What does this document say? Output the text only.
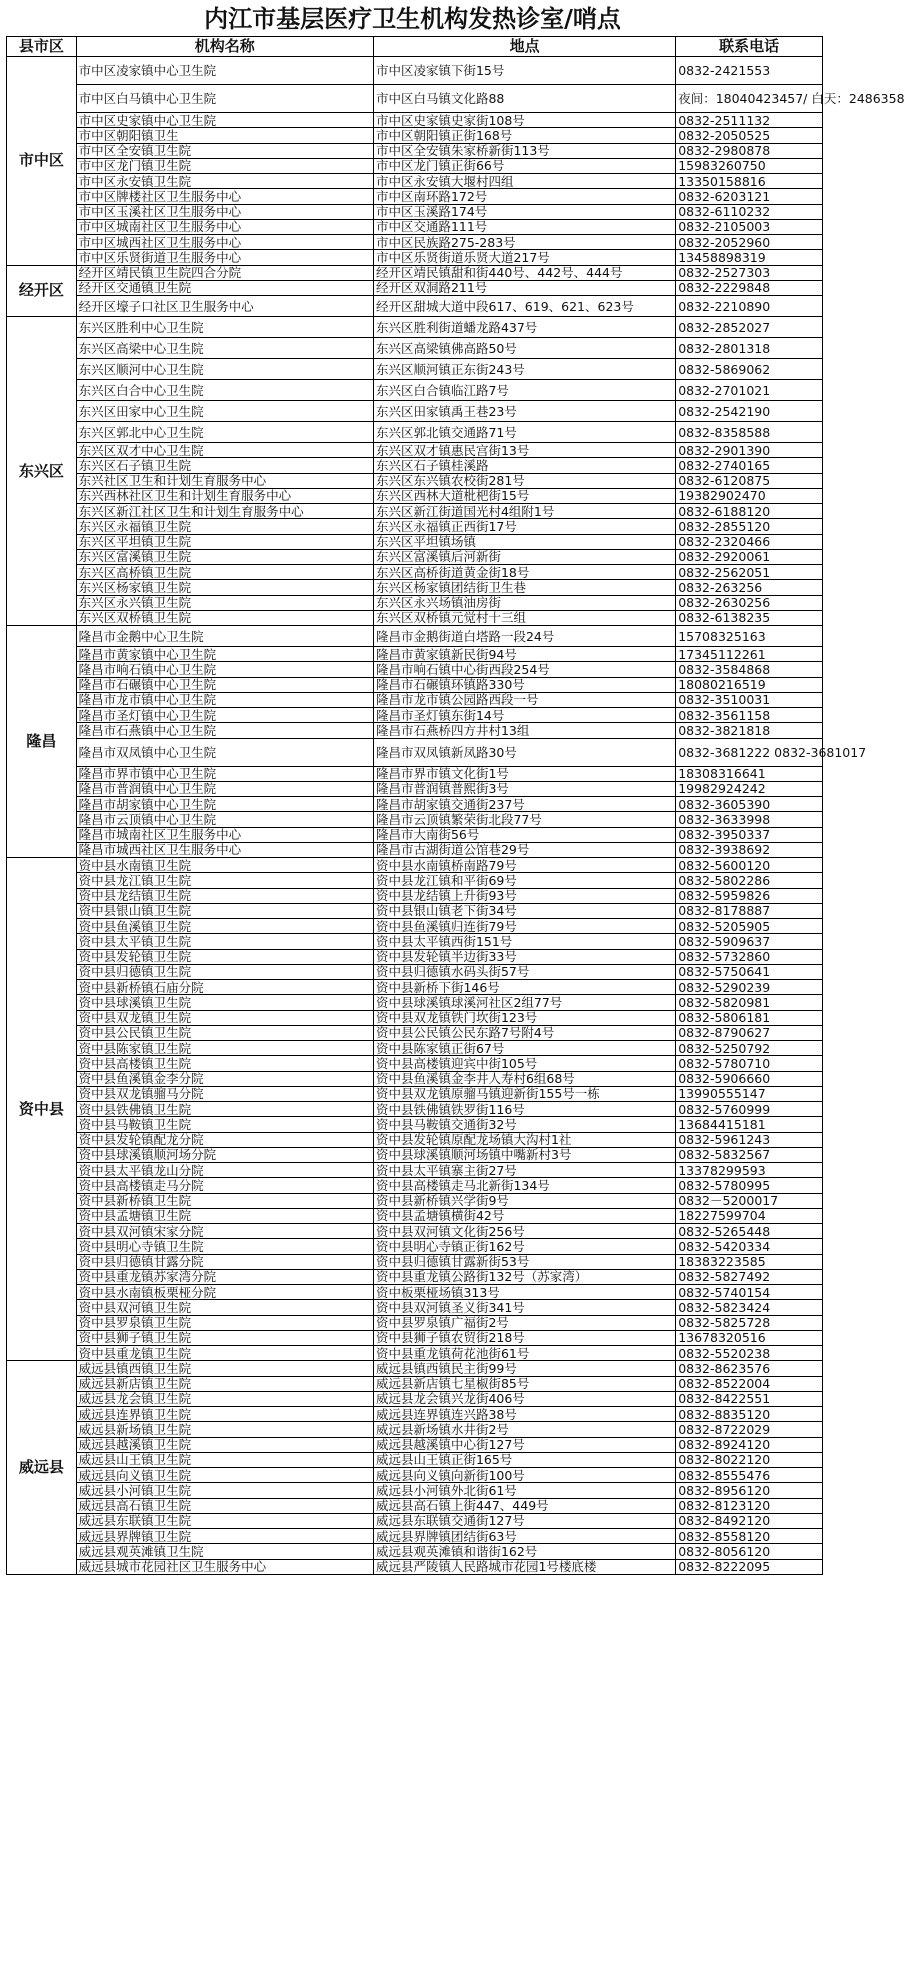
内江市基层医疗卫生机构发热诊室/哨点
县市区	机构名称	地点	联系电话
市中区	市中区凌家镇中心卫生院	市中区凌家镇下街15号	0832-2421553
	市中区白马镇中心卫生院	市中区白马镇文化路88	夜间：18040423457/ 白天：2486358
	市中区史家镇中心卫生院	市中区史家镇史家街108号	0832-2511132
	市中区朝阳镇卫生	市中区朝阳镇正街168号	0832-2050525
	市中区全安镇卫生院	市中区全安镇朱家桥新街113号	0832-2980878
	市中区龙门镇卫生院	市中区龙门镇正街66号	15983260750
	市中区永安镇卫生院	市中区永安镇大堰村四组	13350158816
	市中区牌楼社区卫生服务中心	市中区南环路172号	0832-6203121
	市中区玉溪社区卫生服务中心	市中区玉溪路174号	0832-6110232
	市中区城南社区卫生服务中心	市中区交通路111号	0832-2105003
	市中区城西社区卫生服务中心	市中区民族路275-283号	0832-2052960
	市中区乐贤街道卫生服务中心	市中区乐贤街道乐贤大道217号	13458898319
经开区	经开区靖民镇卫生院四合分院	经开区靖民镇甜和街440号、442号、444号	0832-2527303
	经开区交通镇卫生院	经开区双洞路211号	0832-2229848
	经开区壕子口社区卫生服务中心	经开区甜城大道中段617、619、621、623号	0832-2210890
东兴区	东兴区胜利中心卫生院	东兴区胜利街道蟠龙路437号	0832-2852027
	东兴区高梁中心卫生院	东兴区高梁镇佛高路50号	0832-2801318
	东兴区顺河中心卫生院	东兴区顺河镇正东街243号	0832-5869062
	东兴区白合中心卫生院	东兴区白合镇临江路7号	0832-2701021
	东兴区田家中心卫生院	东兴区田家镇禹王巷23号	0832-2542190
	东兴区郭北中心卫生院	东兴区郭北镇交通路71号	0832-8358588
	东兴区双才中心卫生院	东兴区双才镇惠民宫街13号	0832-2901390
	东兴区石子镇卫生院	东兴区石子镇桂溪路	0832-2740165
	东兴社区卫生和计划生育服务中心	东兴区东兴镇农校街281号	0832-6120875
	东兴西林社区卫生和计划生育服务中心	东兴区西林大道枇杷街15号	19382902470
	东兴区新江社区卫生和计划生育服务中心	东兴区新江街道国光村4组附1号	0832-6188120
	东兴区永福镇卫生院	东兴区永福镇正西街17号	0832-2855120
	东兴区平坦镇卫生院	东兴区平坦镇场镇	0832-2320466
	东兴区富溪镇卫生院	东兴区富溪镇后河新街	0832-2920061
	东兴区高桥镇卫生院	东兴区高桥街道黄金街18号	0832-2562051
	东兴区杨家镇卫生院	东兴区杨家镇团结街卫生巷	0832-263256
	东兴区永兴镇卫生院	东兴区永兴场镇油房街	0832-2630256
	东兴区双桥镇卫生院	东兴区双桥镇元觉村十三组	0832-6138235
隆昌	隆昌市金鹅中心卫生院	隆昌市金鹅街道白塔路一段24号	15708325163
	隆昌市黄家镇中心卫生院	隆昌市黄家镇新民街94号	17345112261
	隆昌市响石镇中心卫生院	隆昌市响石镇中心街西段254号	0832-3584868
	隆昌市石碾镇中心卫生院	隆昌市石碾镇环镇路330号	18080216519
	隆昌市龙市镇中心卫生院	隆昌市龙市镇公园路西段一号	0832-3510031
	隆昌市圣灯镇中心卫生院	隆昌市圣灯镇东街14号	0832-3561158
	隆昌市石燕镇中心卫生院	隆昌市石燕桥四方井村13组	0832-3821818
	隆昌市双凤镇中心卫生院	隆昌市双凤镇新凤路30号	0832-3681222 0832-3681017
	隆昌市界市镇中心卫生院	隆昌市界市镇文化街1号	18308316641
	隆昌市普润镇中心卫生院	隆昌市普润镇普熙街3号	19982924242
	隆昌市胡家镇中心卫生院	隆昌市胡家镇交通街237号	0832-3605390
	隆昌市云顶镇中心卫生院	隆昌市云顶镇繁荣街北段77号	0832-3633998
	隆昌市城南社区卫生服务中心	隆昌市大南街56号	0832-3950337
	隆昌市城西社区卫生服务中心	隆昌市古湖街道公馆巷29号	0832-3938692
资中县	资中县水南镇卫生院	资中县水南镇桥南路79号	0832-5600120
	资中县龙江镇卫生院	资中县龙江镇和平街69号	0832-5802286
	资中县龙结镇卫生院	资中县龙结镇上升街93号	0832-5959826
	资中县银山镇卫生院	资中县银山镇老下街34号	0832-8178887
	资中县鱼溪镇卫生院	资中县鱼溪镇归连街79号	0832-5205905
	资中县太平镇卫生院	资中县太平镇西街151号	0832-5909637
	资中县发轮镇卫生院	资中县发轮镇半边街33号	0832-5732860
	资中县归德镇卫生院	资中县归德镇水码头街57号	0832-5750641
	资中县新桥镇石庙分院	资中县新桥下街146号	0832-5290239
	资中县球溪镇卫生院	资中县球溪镇球溪河社区2组77号	0832-5820981
	资中县双龙镇卫生院	资中县双龙镇铁门坎街123号	0832-5806181
	资中县公民镇卫生院	资中县公民镇公民东路7号附4号	0832-8790627
	资中县陈家镇卫生院	资中县陈家镇正街67号	0832-5250792
	资中县高楼镇卫生院	资中县高楼镇迎宾中街105号	0832-5780710
	资中县鱼溪镇金李分院	资中县鱼溪镇金李井人寿村6组68号	0832-5906660
	资中县双龙镇骝马分院	资中县双龙镇原骝马镇迎新街155号一栋	13990555147
	资中县铁佛镇卫生院	资中县铁佛镇铁罗街116号	0832-5760999
	资中县马鞍镇卫生院	资中县马鞍镇交通街32号	13684415181
	资中县发轮镇配龙分院	资中县发轮镇原配龙场镇大沟村1社	0832-5961243
	资中县球溪镇顺河场分院	资中县球溪镇顺河场镇中嘴新村3号	0832-5832567
	资中县太平镇龙山分院	资中县太平镇寨主街27号	13378299593
	资中县高楼镇走马分院	资中县高楼镇走马北新街134号	0832-5780995
	资中县新桥镇卫生院	资中县新桥镇兴学街9号	0832－5200017
	资中县孟塘镇卫生院	资中县孟塘镇横街42号	18227599704
	资中县双河镇宋家分院	资中县双河镇文化街256号	0832-5265448
	资中县明心寺镇卫生院	资中县明心寺镇正街162号	0832-5420334
	资中县归德镇甘露分院	资中县归德镇甘露新街53号	18383223585
	资中县重龙镇苏家湾分院	资中县重龙镇公路街132号（苏家湾）	0832-5827492
	资中县水南镇板栗桠分院	资中板栗桠场镇313号	0832-5740154
	资中县双河镇卫生院	资中县双河镇圣义街341号	0832-5823424
	资中县罗泉镇卫生院	资中县罗泉镇广福街2号	0832-5825728
	资中县狮子镇卫生院	资中县狮子镇农贸街218号	13678320516
	资中县重龙镇卫生院	资中县重龙镇荷花池街61号	0832-5520238
威远县	威远县镇西镇卫生院	威远县镇西镇民主街99号	0832-8623576
	威远县新店镇卫生院	威远县新店镇七星椒街85号	0832-8522004
	威远县龙会镇卫生院	威远县龙会镇兴龙街406号	0832-8422551
	威远县连界镇卫生院	威远县连界镇连兴路38号	0832-8835120
	威远县新场镇卫生院	威远县新场镇水井街2号	0832-8722029
	威远县越溪镇卫生院	威远县越溪镇中心街127号	0832-8924120
	威远县山王镇卫生院	威远县山王镇正街165号	0832-8022120
	威远县向义镇卫生院	威远县向义镇向新街100号	0832-8555476
	威远县小河镇卫生院	威远县小河镇外北街61号	0832-8956120
	威远县高石镇卫生院	威远县高石镇上街447、449号	0832-8123120
	威远县东联镇卫生院	威远县东联镇交通街127号	0832-8492120
	威远县界牌镇卫生院	威远县界牌镇团结街63号	0832-8558120
	威远县观英滩镇卫生院	威远县观英滩镇和谐街162号	0832-8056120
	威远县城市花园社区卫生服务中心	威远县严陵镇人民路城市花园1号楼底楼	0832-8222095
